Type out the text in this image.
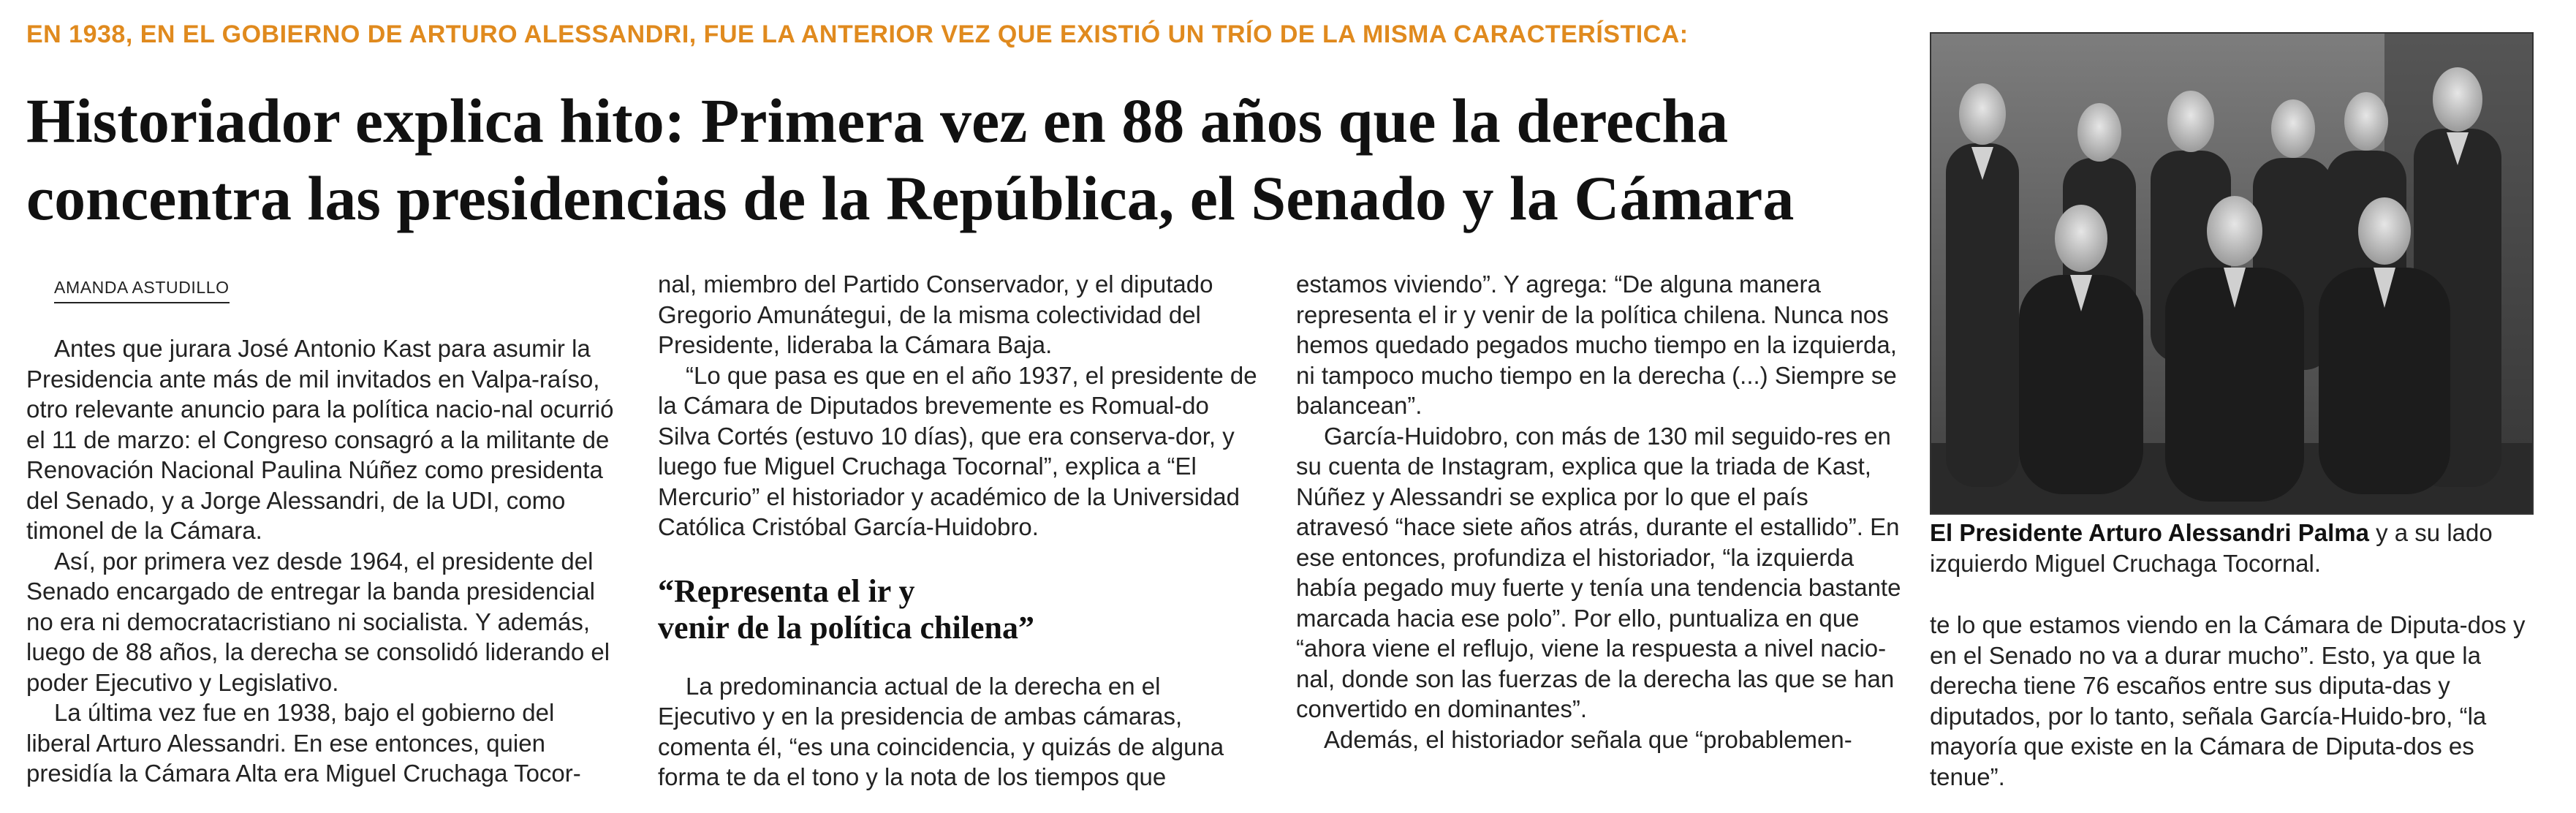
EN 1938, EN EL GOBIERNO DE ARTURO ALESSANDRI, FUE LA ANTERIOR VEZ QUE EXISTIÓ UN TRÍO DE LA MISMA CARACTERÍSTICA:
Historiador explica hito: Primera vez en 88 años que la derecha
concentra las presidencias de la República, el Senado y la Cámara
AMANDA ASTUDILLO

Antes que jurara José Antonio Kast para asumir la Presidencia ante más de mil invitados en Valpa-raíso, otro relevante anuncio para la política nacio-nal ocurrió el 11 de marzo: el Congreso consagró a la militante de Renovación Nacional Paulina Núñez como presidenta del Senado, y a Jorge Alessandri, de la UDI, como timonel de la Cámara.

Así, por primera vez desde 1964, el presidente del Senado encargado de entregar la banda presidencial no era ni democratacristiano ni socialista. Y además, luego de 88 años, la derecha se consolidó liderando el poder Ejecutivo y Legislativo.

La última vez fue en 1938, bajo el gobierno del liberal Arturo Alessandri. En ese entonces, quien presidía la Cámara Alta era Miguel Cruchaga Tocor-

nal, miembro del Partido Conservador, y el diputado Gregorio Amunátegui, de la misma colectividad del Presidente, lideraba la Cámara Baja.

“Lo que pasa es que en el año 1937, el presidente de la Cámara de Diputados brevemente es Romual-do Silva Cortés (estuvo 10 días), que era conserva-dor, y luego fue Miguel Cruchaga Tocornal”, explica a “El Mercurio” el historiador y académico de la Universidad Católica Cristóbal García-Huidobro.

“Representa el ir y
venir de la política chilena”

La predominancia actual de la derecha en el Ejecutivo y en la presidencia de ambas cámaras, comenta él, “es una coincidencia, y quizás de alguna forma te da el tono y la nota de los tiempos que

estamos viviendo”. Y agrega: “De alguna manera representa el ir y venir de la política chilena. Nunca nos hemos quedado pegados mucho tiempo en la izquierda, ni tampoco mucho tiempo en la derecha (...) Siempre se balancean”.

García-Huidobro, con más de 130 mil seguido-res en su cuenta de Instagram, explica que la triada de Kast, Núñez y Alessandri se explica por lo que el país atravesó “hace siete años atrás, durante el estallido”. En ese entonces, profundiza el historiador, “la izquierda había pegado muy fuerte y tenía una tendencia bastante marcada hacia ese polo”. Por ello, puntualiza en que “ahora viene el reflujo, viene la respuesta a nivel nacio-nal, donde son las fuerzas de la derecha las que se han convertido en dominantes”.

Además, el historiador señala que “probablemen-

El Presidente Arturo Alessandri Palma y a su lado izquierdo Miguel Cruchaga Tocornal.

te lo que estamos viendo en la Cámara de Diputa-dos y en el Senado no va a durar mucho”. Esto, ya que la derecha tiene 76 escaños entre sus diputa-das y diputados, por lo tanto, señala García-Huido-bro, “la mayoría que existe en la Cámara de Diputa-dos es tenue”.
